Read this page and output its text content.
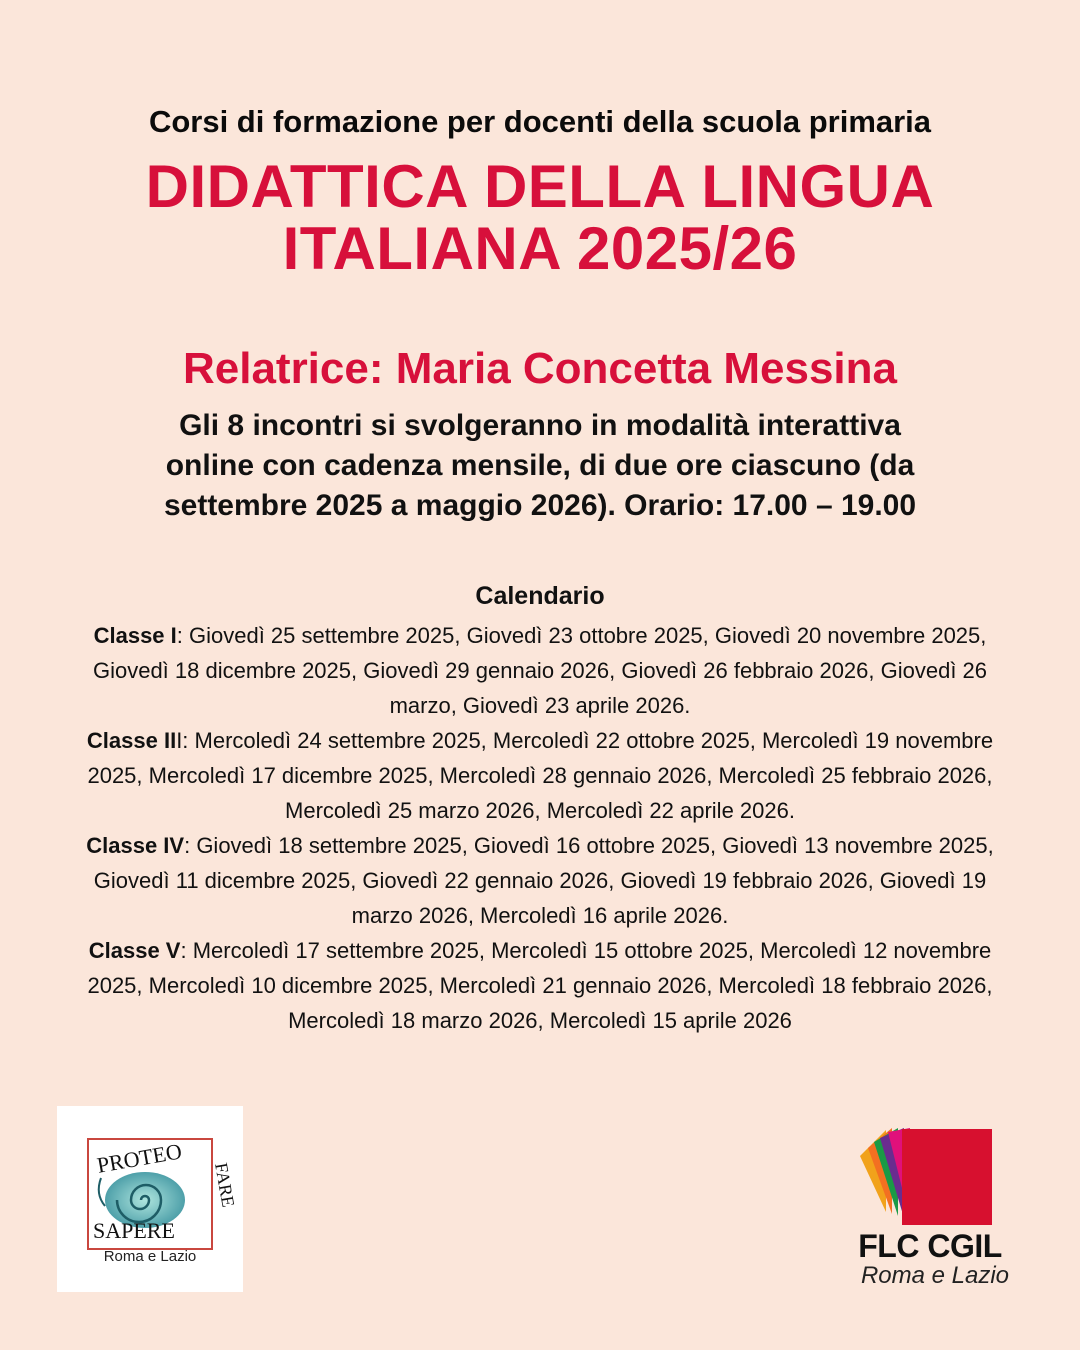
Corsi di formazione per docenti della scuola primaria
DIDATTICA DELLA LINGUA
ITALIANA 2025/26
Relatrice: Maria Concetta Messina
Gli 8 incontri si svolgeranno in modalità interattiva
online con cadenza mensile, di due ore ciascuno (da
settembre 2025 a maggio 2026). Orario: 17.00 – 19.00
Calendario
Classe I: Giovedì 25 settembre 2025, Giovedì 23 ottobre 2025, Giovedì 20 novembre 2025, Giovedì 18 dicembre 2025, Giovedì 29 gennaio 2026, Giovedì 26 febbraio 2026, Giovedì 26 marzo, Giovedì 23 aprile 2026.
Classe III: Mercoledì 24 settembre 2025, Mercoledì 22 ottobre 2025, Mercoledì 19 novembre 2025, Mercoledì 17 dicembre 2025, Mercoledì 28 gennaio 2026, Mercoledì 25 febbraio 2026, Mercoledì 25 marzo 2026, Mercoledì 22 aprile 2026.
Classe IV: Giovedì 18 settembre 2025, Giovedì 16 ottobre 2025, Giovedì 13 novembre 2025, Giovedì 11 dicembre 2025, Giovedì 22 gennaio 2026, Giovedì 19 febbraio 2026, Giovedì 19 marzo 2026, Mercoledì 16 aprile 2026.
Classe V: Mercoledì 17 settembre 2025, Mercoledì 15 ottobre 2025, Mercoledì 12 novembre 2025, Mercoledì 10 dicembre 2025, Mercoledì 21 gennaio 2026, Mercoledì 18 febbraio 2026, Mercoledì 18 marzo 2026, Mercoledì 15 aprile 2026
PROTEO
FARE
SAPERE
Roma e Lazio	FLC CGIL
Roma e Lazio
